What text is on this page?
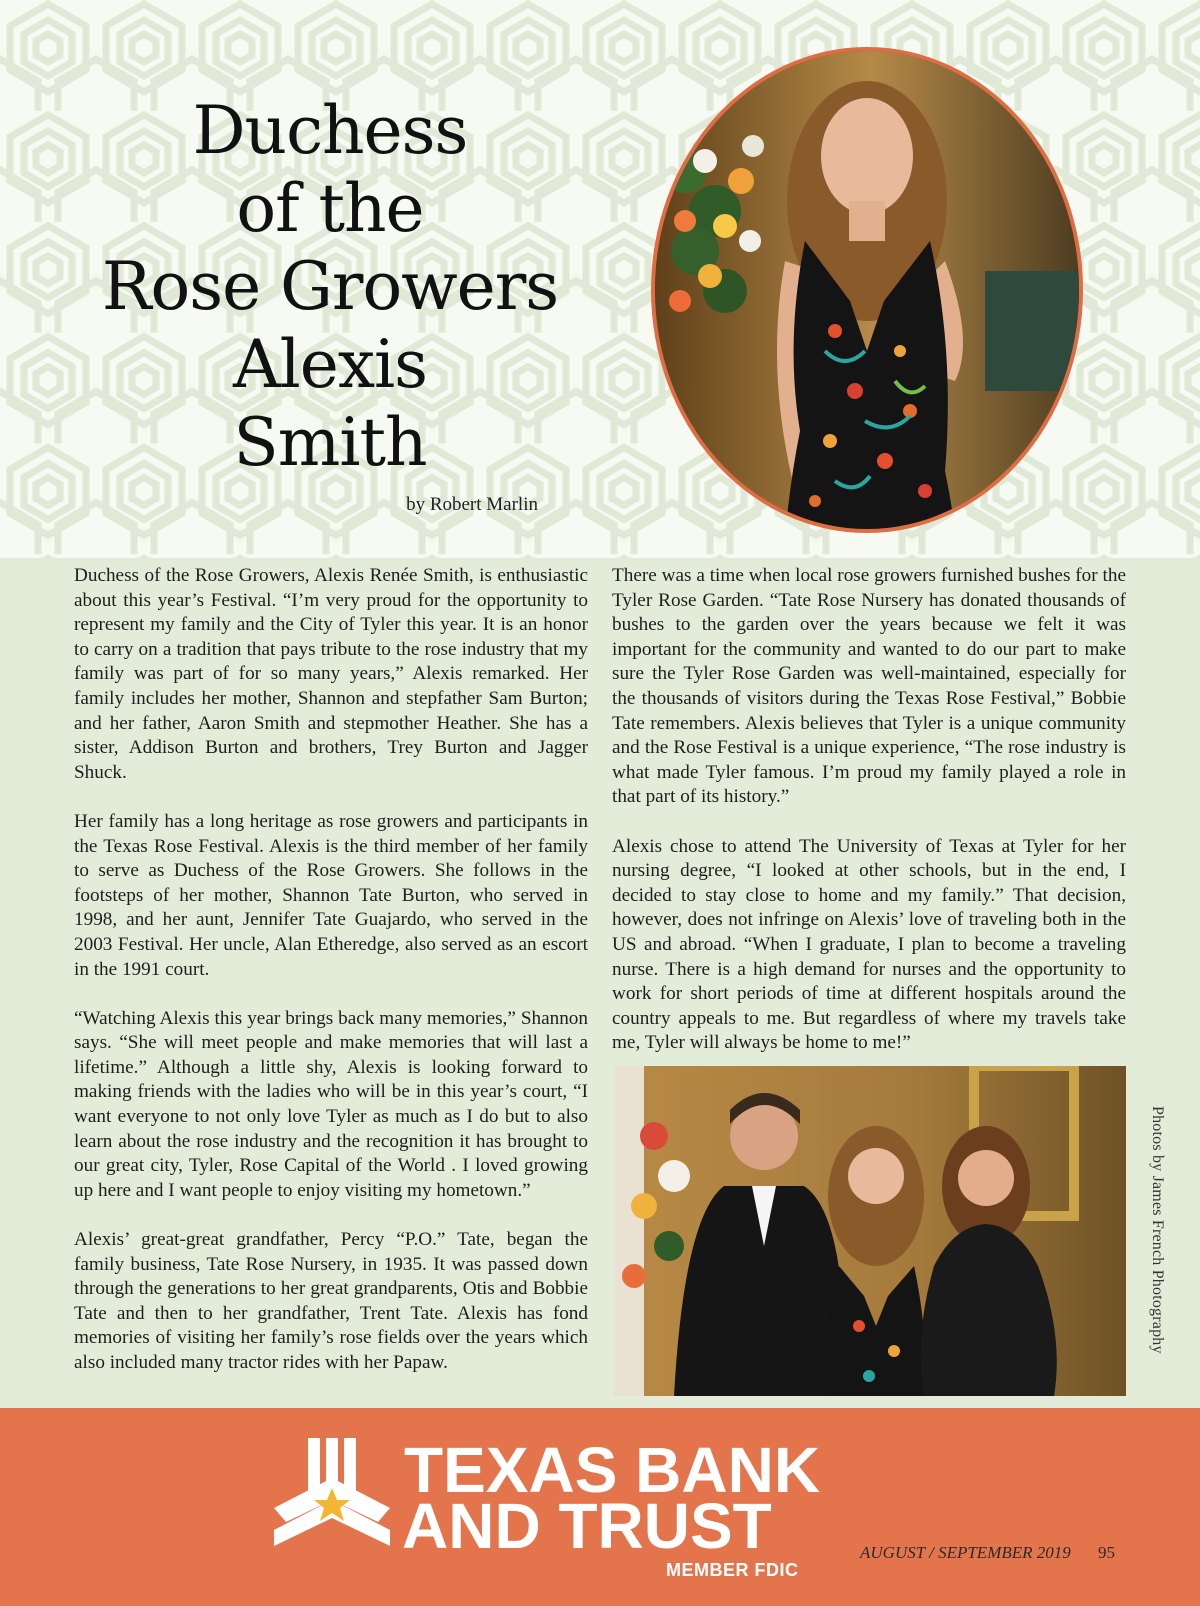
Duchess
of the
Rose Growers
Alexis
Smith
by Robert Marlin

Duchess of the Rose Growers, Alexis Renée Smith, is enthusiastic about this year’s Festival. “I’m very proud for the opportunity to represent my family and the City of Tyler this year. It is an honor to carry on a tradition that pays tribute to the rose industry that my family was part of for so many years,” Alexis remarked. Her family includes her mother, Shannon and stepfather Sam Burton; and her father, Aaron Smith and stepmother Heather. She has a sister, Addison Burton and brothers, Trey Burton and Jagger Shuck.

Her family has a long heritage as rose growers and participants in the Texas Rose Festival. Alexis is the third member of her family to serve as Duchess of the Rose Growers. She follows in the footsteps of her mother, Shannon Tate Burton, who served in 1998, and her aunt, Jennifer Tate Guajardo, who served in the 2003 Festival. Her uncle, Alan Etheredge, also served as an escort in the 1991 court.

“Watching Alexis this year brings back many memories,” Shannon says. “She will meet people and make memories that will last a lifetime.” Although a little shy, Alexis is looking forward to making friends with the ladies who will be in this year’s court, “I want everyone to not only love Tyler as much as I do but to also learn about the rose industry and the recognition it has brought to our great city, Tyler, Rose Capital of the World . I loved growing up here and I want people to enjoy visiting my hometown.”

Alexis’ great-great grandfather, Percy “P.O.” Tate, began the family business, Tate Rose Nursery, in 1935. It was passed down through the generations to her great grandparents, Otis and Bobbie Tate and then to her grandfather, Trent Tate. Alexis has fond memories of visiting her family’s rose fields over the years which also included many tractor rides with her Papaw.

There was a time when local rose growers furnished bushes for the Tyler Rose Garden. “Tate Rose Nursery has donated thousands of bushes to the garden over the years because we felt it was important for the community and wanted to do our part to make sure the Tyler Rose Garden was well-maintained, especially for the thousands of visitors during the Texas Rose Festival,” Bobbie Tate remembers. Alexis believes that Tyler is a unique community and the Rose Festival is a unique experience, “The rose industry is what made Tyler famous. I’m proud my family played a role in that part of its history.”

Alexis chose to attend The University of Texas at Tyler for her nursing degree, “I looked at other schools, but in the end, I decided to stay close to home and my family.” That decision, however, does not infringe on Alexis’ love of traveling both in the US and abroad. “When I graduate, I plan to become a traveling nurse. There is a high demand for nurses and the opportunity to work for short periods of time at different hospitals around the country appeals to me. But regardless of where my travels take me, Tyler will always be home to me!”

Photos by James French Photography
TEXAS BANK
AND TRUST
MEMBER FDIC
AUGUST / SEPTEMBER 2019 95
